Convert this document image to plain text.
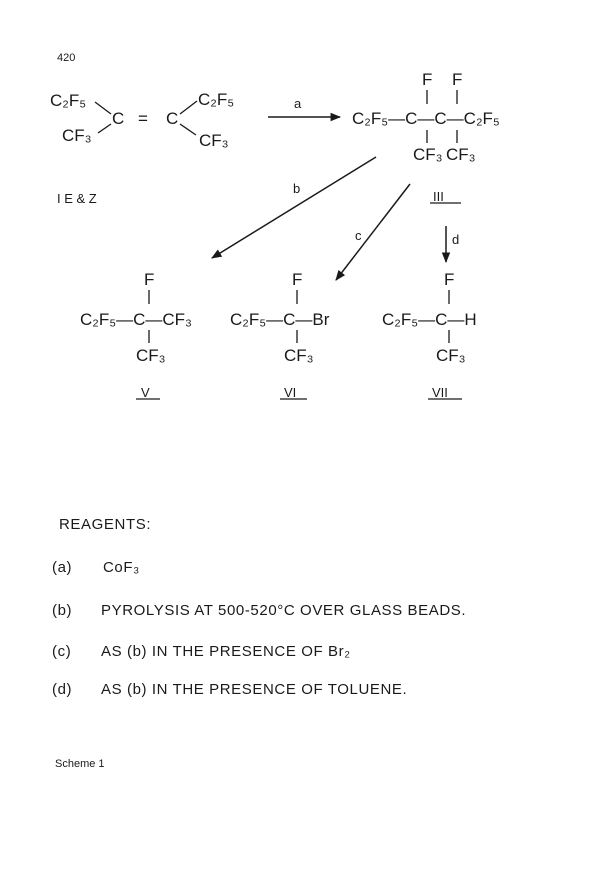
420
C₂F₅
CF₃
C = C
C₂F₅
CF₃
I E & Z
a
F F
C₂F₅—C—C—C₂F₅
CF₃ CF₃
III
b
c	d
F
C₂F₅—C—CF₃
CF₃
V
F
C₂F₅—C—Br
CF₃
VI
F
C₂F₅—C—H
CF₃
VII
REAGENTS:
(a) CoF₃
(b) PYROLYSIS AT 500-520°C OVER GLASS BEADS.
(c) AS (b) IN THE PRESENCE OF Br₂
(d) AS (b) IN THE PRESENCE OF TOLUENE.
Scheme 1
